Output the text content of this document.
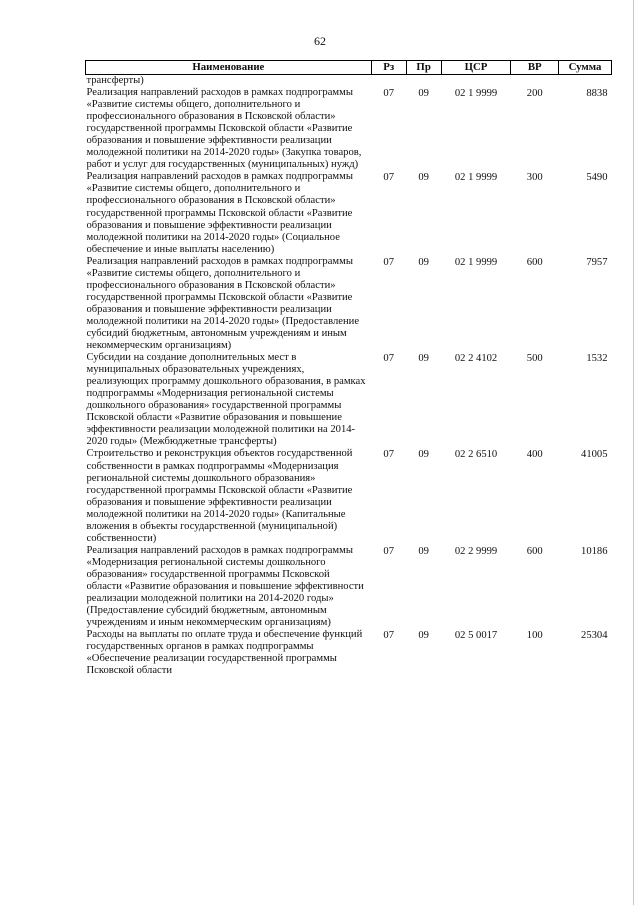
62
Наименование	Рз	Пр	ЦСР	ВР	Сумма
трансферты)					
Реализация направлений расходов в рамках подпрограммы «Развитие системы общего, дополнительного и профессионального образования в Псковской области» государственной программы Псковской области «Развитие образования и повышение эффективности реализации молодежной политики на 2014-2020 годы» (Закупка товаров, работ и услуг для государственных (муниципальных) нужд)	07	09	02 1 9999	200	8838
Реализация направлений расходов в рамках подпрограммы «Развитие системы общего, дополнительного и профессионального образования в Псковской области» государственной программы Псковской области «Развитие образования и повышение эффективности реализации молодежной политики на 2014-2020 годы» (Социальное обеспечение и иные выплаты населению)	07	09	02 1 9999	300	5490
Реализация направлений расходов в рамках подпрограммы «Развитие системы общего, дополнительного и профессионального образования в Псковской области» государственной программы Псковской области «Развитие образования и повышение эффективности реализации молодежной политики на 2014-2020 годы» (Предоставление субсидий бюджетным, автономным учреждениям и иным некоммерческим организациям)	07	09	02 1 9999	600	7957
Субсидии на создание дополнительных мест в муниципальных образовательных учреждениях, реализующих программу дошкольного образования, в рамках подпрограммы «Модернизация региональной системы дошкольного образования» государственной программы Псковской области «Развитие образования и повышение эффективности реализации молодежной политики на 2014-2020 годы» (Межбюджетные трансферты)	07	09	02 2 4102	500	1532
Строительство и реконструкция объектов государственной собственности в рамках подпрограммы «Модернизация региональной системы дошкольного образования» государственной программы Псковской области «Развитие образования и повышение эффективности реализации молодежной политики на 2014-2020 годы» (Капитальные вложения в объекты государственной (муниципальной) собственности)	07	09	02 2 6510	400	41005
Реализация направлений расходов в рамках подпрограммы «Модернизация региональной системы дошкольного образования» государственной программы Псковской области «Развитие образования и повышение эффективности реализации молодежной политики на 2014-2020 годы» (Предоставление субсидий бюджетным, автономным учреждениям и иным некоммерческим организациям)	07	09	02 2 9999	600	10186
Расходы на выплаты по оплате труда и обеспечение функций государственных органов в рамках подпрограммы «Обеспечение реализации государственной программы Псковской области	07	09	02 5 0017	100	25304
